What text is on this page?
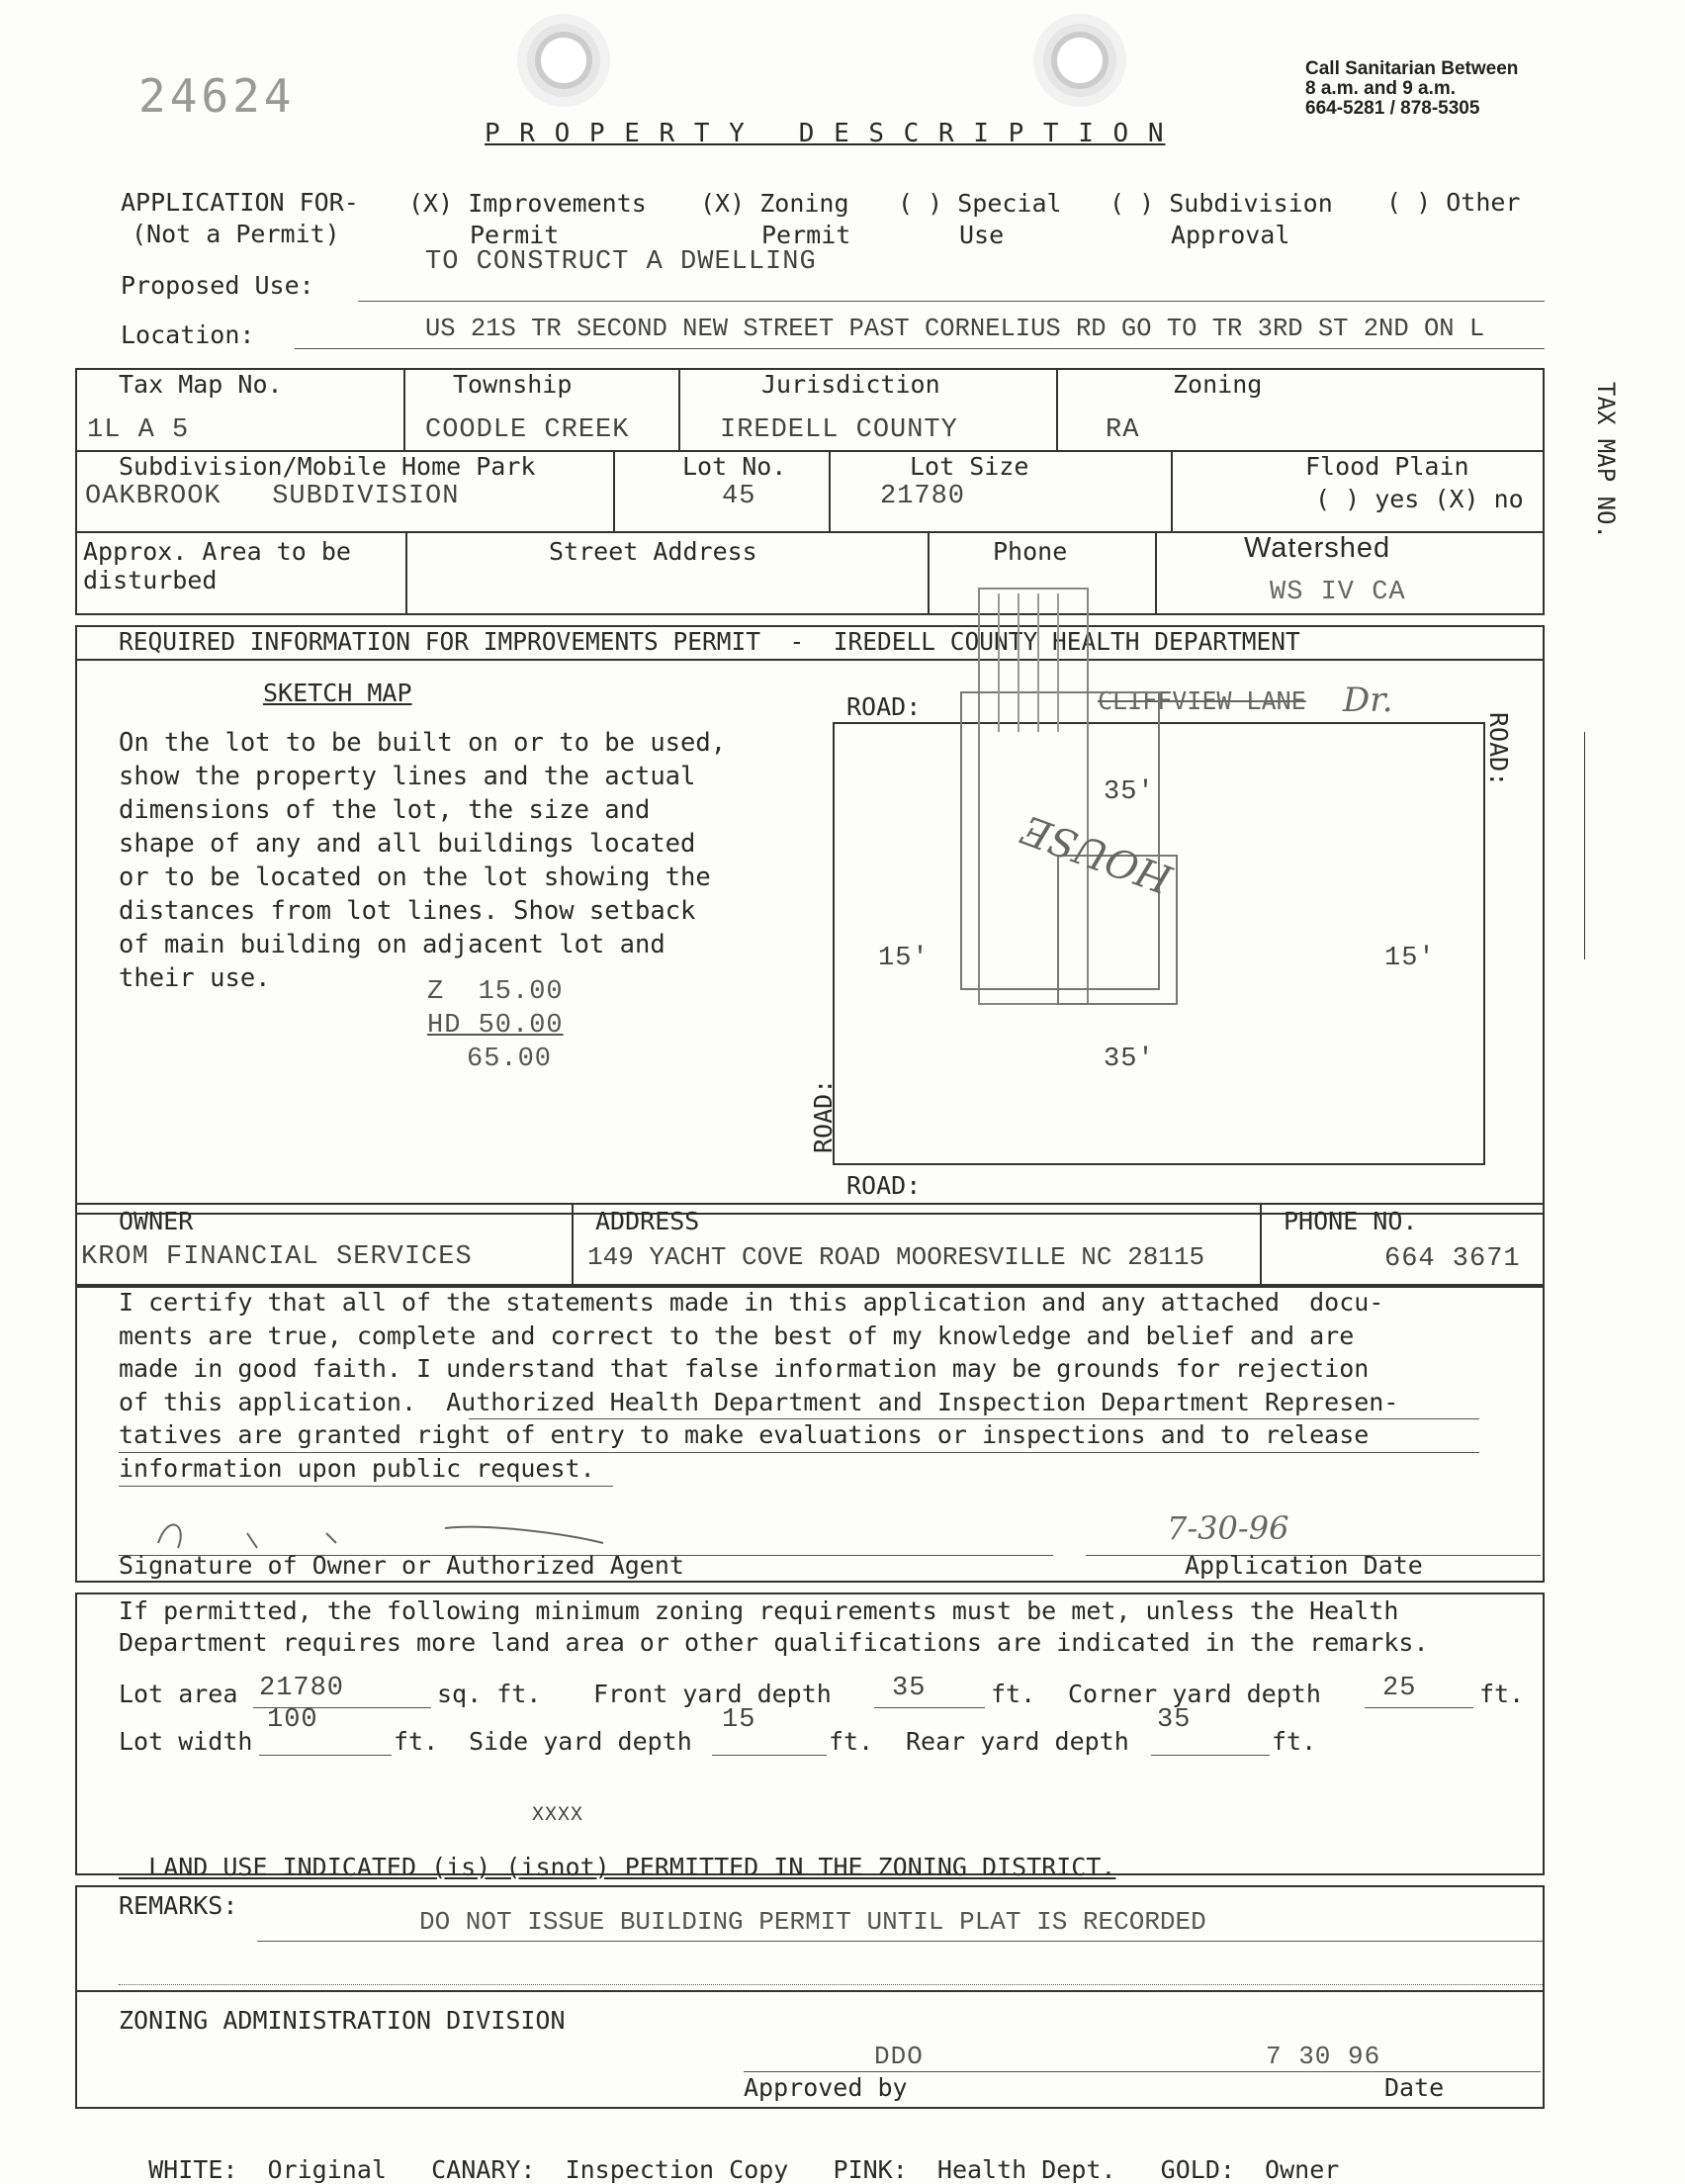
24624
P R O P E R T Y   D E S C R I P T I O N
Call Sanitarian Between
8 a.m. and 9 a.m.
664-5281 / 878-5305
TAX MAP NO.
APPLICATION FOR-
(Not a Permit)
(X) Improvements
Permit
(X) Zoning
Permit
( ) Special
Use
( ) Subdivision
Approval
( ) Other
Proposed Use:
TO CONSTRUCT A DWELLING
Location:	US 21S TR SECOND NEW STREET PAST CORNELIUS RD GO TO TR 3RD ST 2ND ON L
Tax Map No.
1L A 5
Township
COODLE CREEK
Jurisdiction
IREDELL COUNTY
Zoning
RA
Subdivision/Mobile Home Park
OAKBROOK   SUBDIVISION
Lot No.
45
Lot Size
21780
Flood Plain
( ) yes (X) no
Approx. Area to be
disturbed
Street Address	Phone	Watershed
WS IV CA
REQUIRED INFORMATION FOR IMPROVEMENTS PERMIT  -  IREDELL COUNTY HEALTH DEPARTMENT
SKETCH MAP
On the lot to be built on or to be used,
show the property lines and the actual
dimensions of the lot, the size and
shape of any and all buildings located
or to be located on the lot showing the
distances from lot lines. Show setback
of main building on adjacent lot and
their use.	Z  15.00
HD 50.00
65.00
ROAD:	CLIFFVIEW LANE Dr.
ROAD:
ROAD:
ROAD:
HOUSE
35'
35'
15'	15'
OWNER
KROM FINANCIAL SERVICES
ADDRESS
149 YACHT COVE ROAD MOORESVILLE NC 28115
PHONE NO.
664 3671
I certify that all of the statements made in this application and any attached  docu-
ments are true, complete and correct to the best of my knowledge and belief and are
made in good faith. I understand that false information may be grounds for rejection
of this application.  Authorized Health Department and Inspection Department Represen-
tatives are granted right of entry to make evaluations or inspections and to release
information upon public request.
7-30-96
Signature of Owner or Authorized Agent	Application Date
If permitted, the following minimum zoning requirements must be met, unless the Health
Department requires more land area or other qualifications are indicated in the remarks.
Lot area 21780	sq. ft. Front yard depth 35	ft. Corner yard depth 25	ft.
Lot width
100
ft. Side yard depth
15
ft. Rear yard depth
35
ft.

LAND USE INDICATED (is) (isnot) PERMITTED IN THE ZONING DISTRICT.

XXXX
REMARKS:
DO NOT ISSUE BUILDING PERMIT UNTIL PLAT IS RECORDED
ZONING ADMINISTRATION DIVISION
DDO	7 30 96
Approved by	Date

WHITE: Original CANARY: Inspection Copy PINK: Health Dept. GOLD: Owner
